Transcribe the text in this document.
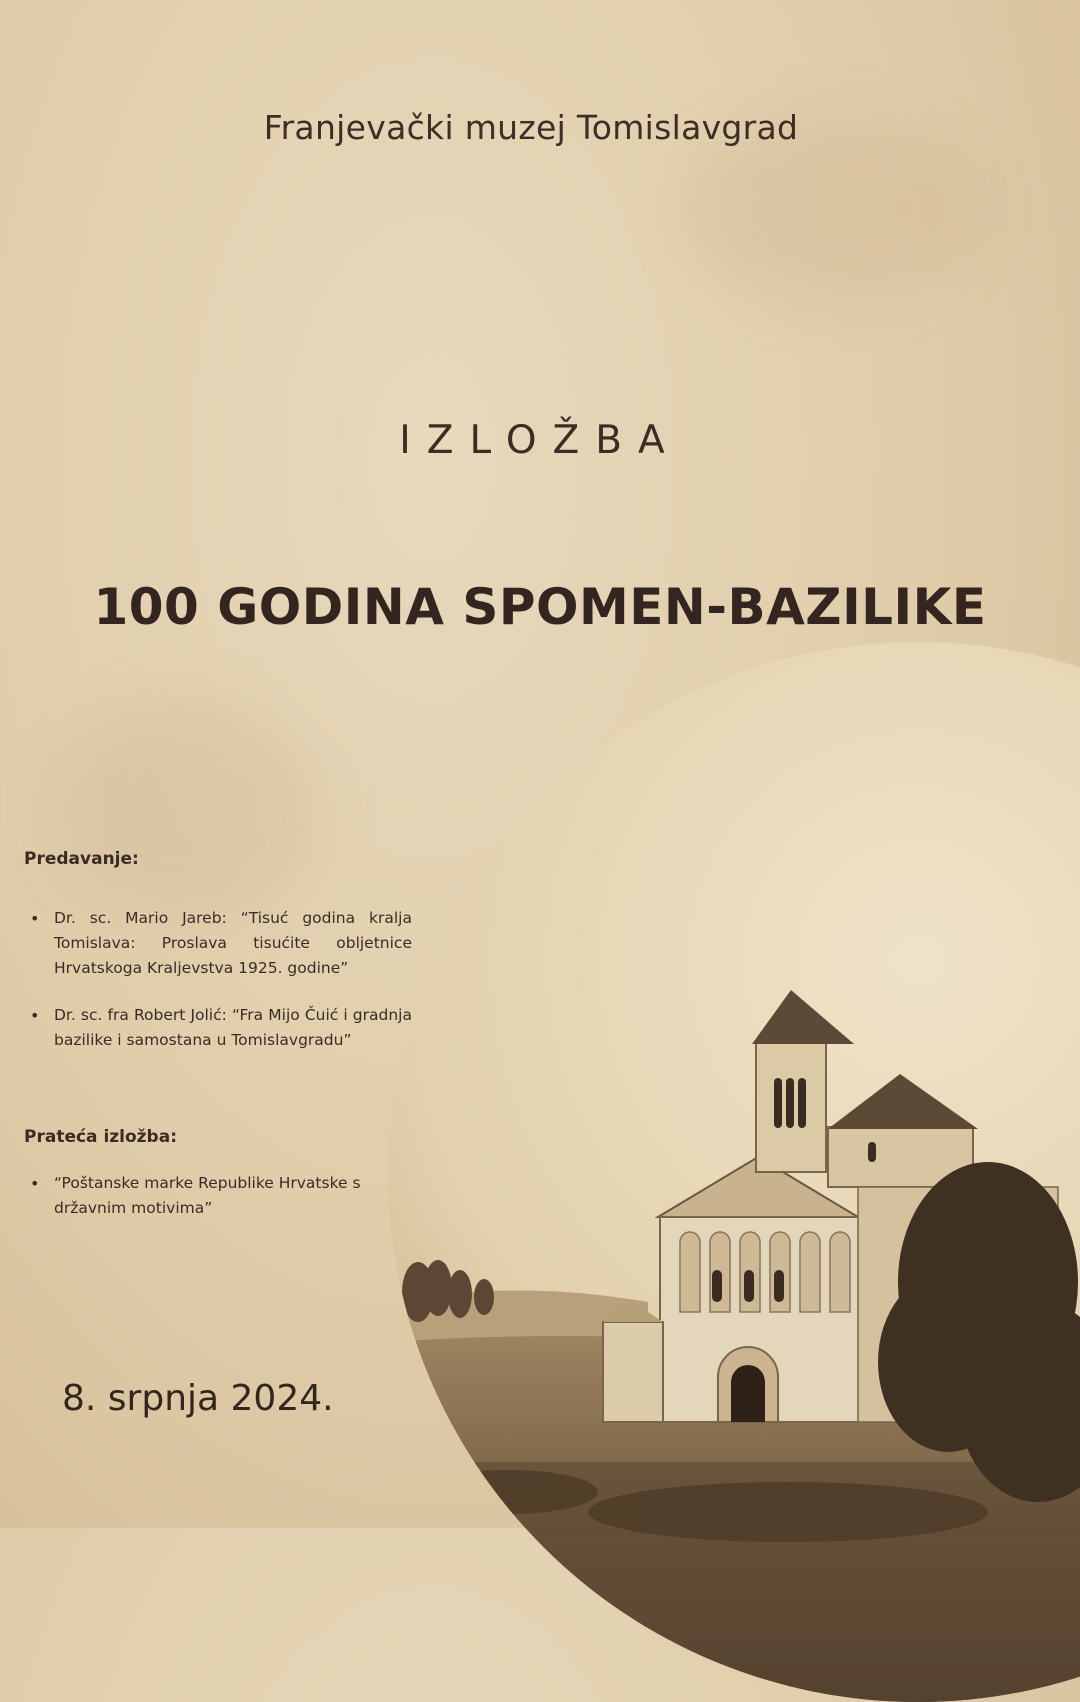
Franjevački muzej Tomislavgrad
IZLOŽBA
100 GODINA SPOMEN-BAZILIKE
Predavanje:
• Dr. sc. Mario Jareb: “Tisuć godina kralja Tomislava: Proslava tisućite obljetnice Hrvatskoga Kraljevstva 1925. godine”
• Dr. sc. fra Robert Jolić: “Fra Mijo Čuić i gradnja bazilike i samostana u Tomislavgradu”
Prateća izložba:
• “Poštanske marke Republike Hrvatske s državnim motivima”
8. srpnja 2024.
